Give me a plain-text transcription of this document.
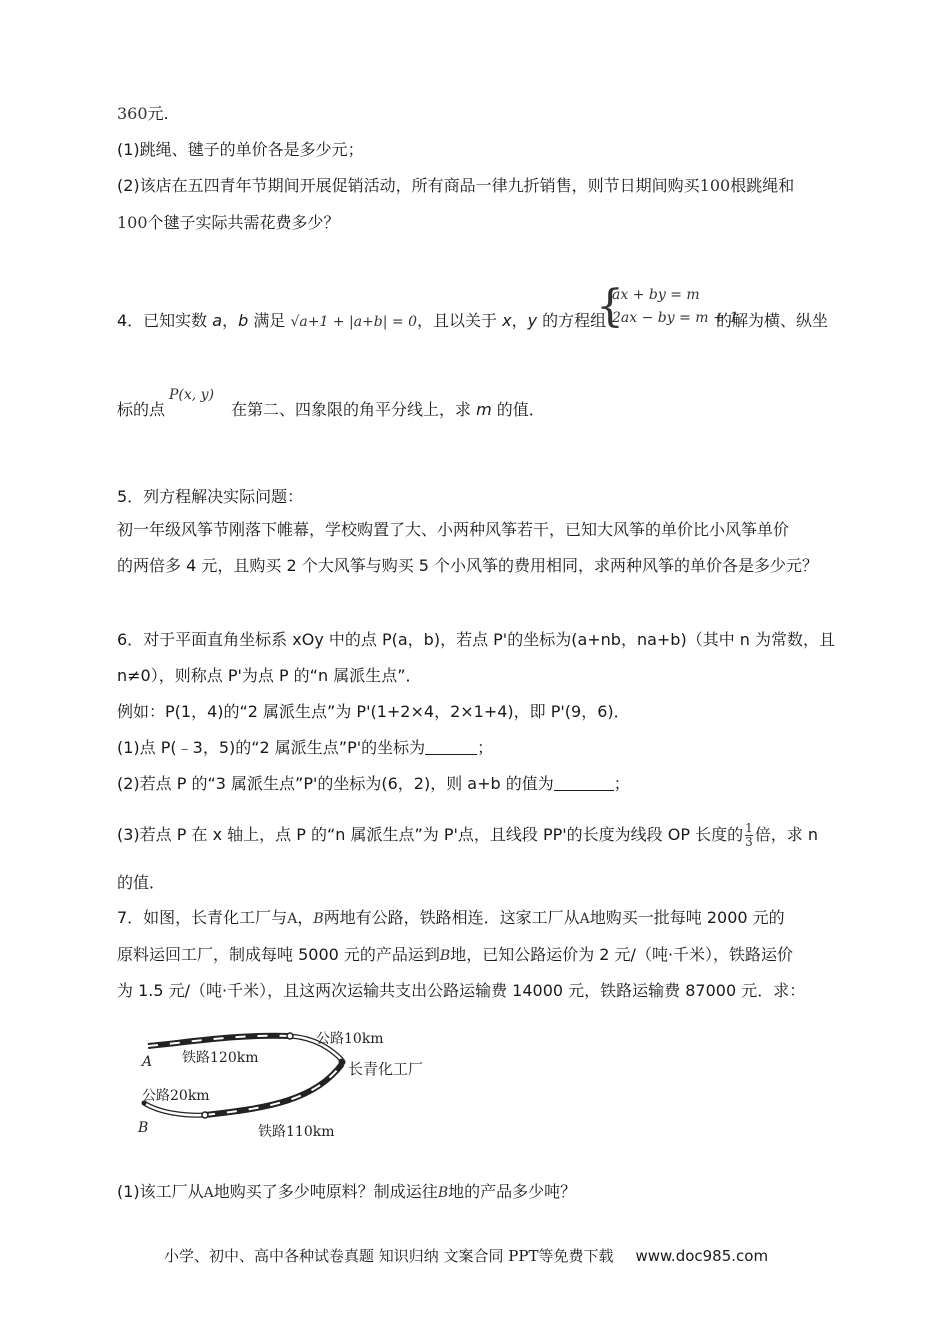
360元.
(1)跳绳、毽子的单价各是多少元；
(2)该店在五四青年节期间开展促销活动，所有商品一律九折销售，则节日期间购买100根跳绳和
100个毽子实际共需花费多少？
{
ax + by = m
2ax − by = m + 1
4．已知实数 a，b 满足 √a+1 + |a+b| = 0，且以关于 x，y 的方程组	的解为横、纵坐
P(x, y)
标的点	在第二、四象限的角平分线上，求 m 的值．
5．列方程解决实际问题：
初一年级风筝节刚落下帷幕，学校购置了大、小两种风筝若干，已知大风筝的单价比小风筝单价
的两倍多 4 元，且购买 2 个大风筝与购买 5 个小风筝的费用相同，求两种风筝的单价各是多少元？
6．对于平面直角坐标系 xOy 中的点 P(a，b)，若点 P'的坐标为(a+nb，na+b)（其中 n 为常数，且
n≠0），则称点 P'为点 P 的“n 属派生点”．
例如：P(1，4)的“2 属派生点”为 P'(1+2×4，2×1+4)，即 P'(9，6)．
(1)点 P(﹣3，5)的“2 属派生点”P'的坐标为	；
(2)若点 P 的“3 属派生点”P'的坐标为(6，2)，则 a+b 的值为	；
(3)若点 P 在 x 轴上，点 P 的“n 属派生点”为 P'点，且线段 PP'的长度为线段 OP 长度的 $\frac{1}{3}$ 倍，求 n
的值．
7．如图，长青化工厂与A，B两地有公路，铁路相连．这家工厂从A地购买一批每吨 2000 元的
原料运回工厂，制成每吨 5000 元的产品运到B地，已知公路运价为 2 元/（吨·千米），铁路运价
为 1.5 元/（吨·千米），且这两次运输共支出公路运输费 14000 元，铁路运输费 87000 元．求：
A
B
公路10km
铁路120km
长青化工厂
公路20km
铁路110km
(1)该工厂从A地购买了多少吨原料？制成运往B地的产品多少吨？
小学、初中、高中各种试卷真题 知识归纳 文案合同 PPT等免费下载 www.doc985.com
